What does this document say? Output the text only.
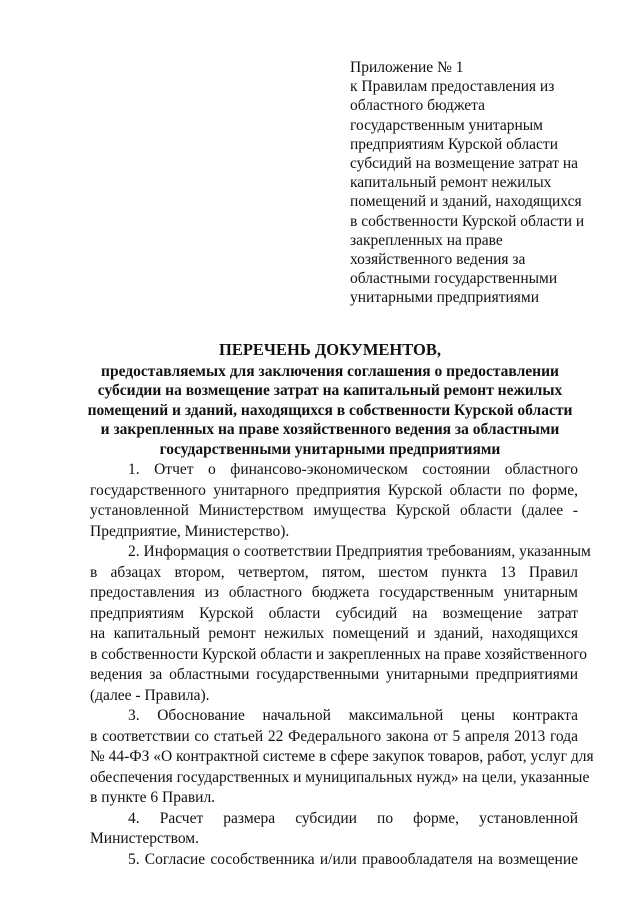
Приложение № 1
к Правилам предоставления из
областного бюджета
государственным унитарным
предприятиям Курской области
субсидий на возмещение затрат на
капитальный ремонт нежилых
помещений и зданий, находящихся
в собственности Курской области и
закрепленных на праве
хозяйственного ведения за
областными государственными
унитарными предприятиями
ПЕРЕЧЕНЬ ДОКУМЕНТОВ,
предоставляемых для заключения соглашения о предоставлении
субсидии на возмещение затрат на капитальный ремонт нежилых
помещений и зданий, находящихся в собственности Курской области
и закрепленных на праве хозяйственного ведения за областными
государственными унитарными предприятиями
1. Отчет о финансово-экономическом состоянии областного
государственного унитарного предприятия Курской области по форме,
установленной Министерством имущества Курской области (далее -
Предприятие, Министерство).
2. Информация о соответствии Предприятия требованиям, указанным
в абзацах втором, четвертом, пятом, шестом пункта 13 Правил
предоставления из областного бюджета государственным унитарным
предприятиям Курской области субсидий на возмещение затрат
на капитальный ремонт нежилых помещений и зданий, находящихся
в собственности Курской области и закрепленных на праве хозяйственного
ведения за областными государственными унитарными предприятиями
(далее - Правила).
3. Обоснование начальной максимальной цены контракта
в соответствии со статьей 22 Федерального закона от 5 апреля 2013 года
№ 44-ФЗ «О контрактной системе в сфере закупок товаров, работ, услуг для
обеспечения государственных и муниципальных нужд» на цели, указанные
в пункте 6 Правил.
4. Расчет размера субсидии по форме, установленной
Министерством.
5. Согласие сособственника и/или правообладателя на возмещение
